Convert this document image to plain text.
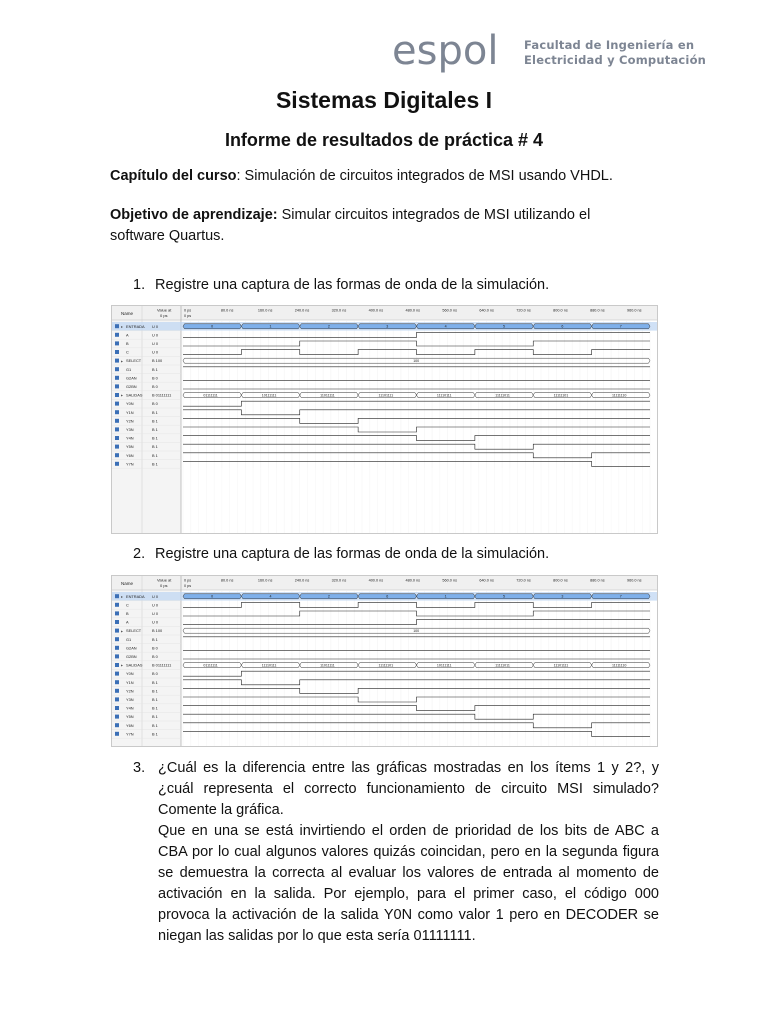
espol Facultad de Ingeniería en
Electricidad y Computación
Sistemas Digitales I
Informe de resultados de práctica # 4
Capítulo del curso: Simulación de circuitos integrados de MSI usando VHDL.
Objetivo de aprendizaje: Simular circuitos integrados de MSI utilizando el software Quartus.
1. Registre una captura de las formas de onda de la simulación.
Name
Value at
0 ps	0 ps
0 ps	80.0 ns	160.0 ns	240.0 ns	320.0 ns	400.0 ns	480.0 ns	560.0 ns	640.0 ns	720.0 ns	800.0 ns	880.0 ns	960.0 ns
▸ ENTRADA U 0	0	1	2	3	4	5	6	7
A	U 0
B	U 0
C	U 0
▸ SELECT	B 100	100
G1	B 1
G2AN	B 0
G2BN	B 0
▸ SALIDAS B 01111111	01111111	10111111	11011111	11101111	11110111	11111011	11111101	11111110
Y0N	B 0
Y1N	B 1
Y2N	B 1
Y3N	B 1
Y4N	B 1
Y5N	B 1
Y6N	B 1
Y7N	B 1
2. Registre una captura de las formas de onda de la simulación.
Name
Value at
0 ps	0 ps
0 ps	80.0 ns	160.0 ns	240.0 ns	320.0 ns	400.0 ns	480.0 ns	560.0 ns	640.0 ns	720.0 ns	800.0 ns	880.0 ns	960.0 ns
▸ ENTRADA U 0	0	4	2	6	1	5	3	7
C	U 0
B	U 0
A	U 0
▸ SELECT	B 100	100
G1	B 1
G2AN	B 0
G2BN	B 0
▸ SALIDAS B 01111111	01111111	11110111	11011111	11111101	10111111	11111011	11101111	11111110
Y0N	B 0
Y1N	B 1
Y2N	B 1
Y3N	B 1
Y4N	B 1
Y5N	B 1
Y6N	B 1
Y7N	B 1
3. ¿Cuál es la diferencia entre las gráficas mostradas en los ítems 1 y 2?, y ¿cuál representa el correcto funcionamiento de circuito MSI simulado? Comente la gráfica.
Que en una se está invirtiendo el orden de prioridad de los bits de ABC a CBA por lo cual algunos valores quizás coincidan, pero en la segunda figura se demuestra la correcta al evaluar los valores de entrada al momento de activación en la salida. Por ejemplo, para el primer caso, el código 000 provoca la activación de la salida Y0N como valor 1 pero en DECODER se niegan las salidas por lo que esta sería 01111111.
